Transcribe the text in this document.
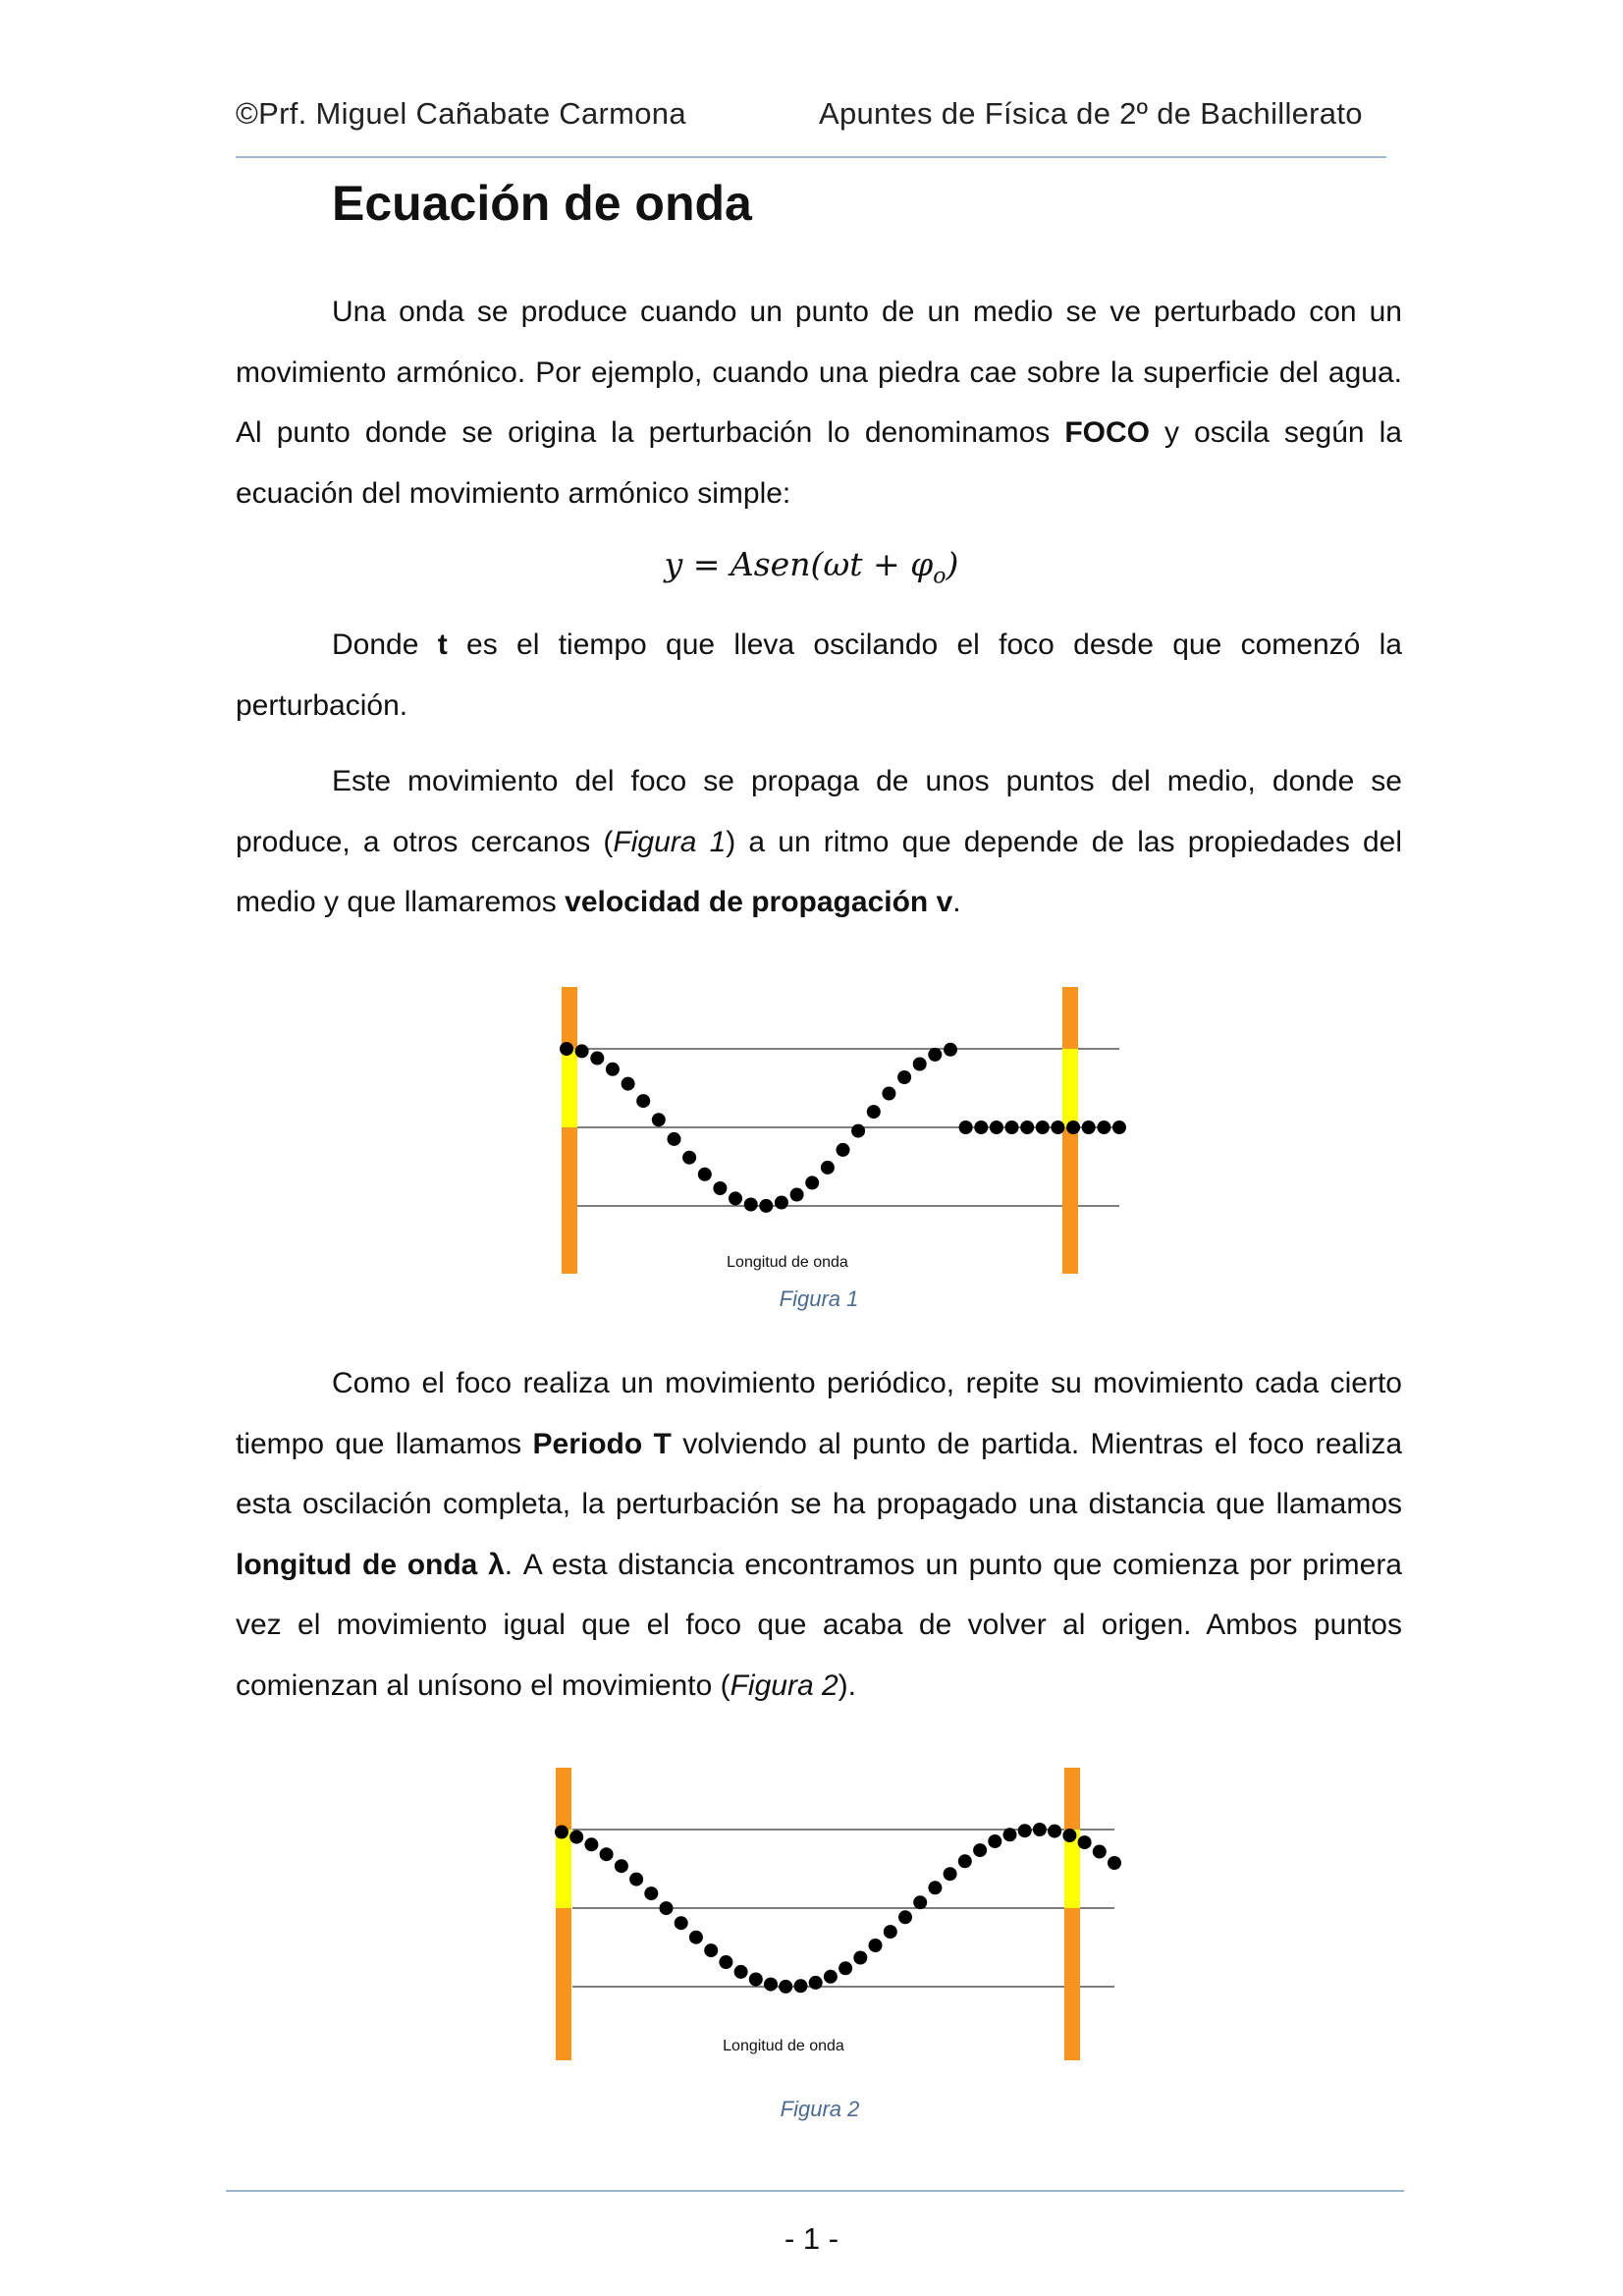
©Prf. Miguel Cañabate Carmona	Apuntes de Física de 2º de Bachillerato
Ecuación de onda

Una onda se produce cuando un punto de un medio se ve perturbado con un movimiento armónico. Por ejemplo, cuando una piedra cae sobre la superficie del agua. Al punto donde se origina la perturbación lo denominamos FOCO y oscila según la ecuación del movimiento armónico simple:

y = Asen(ωt + $\varphi_o$)

Donde t es el tiempo que lleva oscilando el foco desde que comenzó la perturbación.

Este movimiento del foco se propaga de unos puntos del medio, donde se produce, a otros cercanos (Figura 1) a un ritmo que depende de las propiedades del medio y que llamaremos velocidad de propagación v.

Longitud de onda
Figura 1

Como el foco realiza un movimiento periódico, repite su movimiento cada cierto tiempo que llamamos Periodo T volviendo al punto de partida. Mientras el foco realiza esta oscilación completa, la perturbación se ha propagado una distancia que llamamos longitud de onda λ. A esta distancia encontramos un punto que comienza por primera vez el movimiento igual que el foco que acaba de volver al origen. Ambos puntos comienzan al unísono el movimiento (Figura 2).

Longitud de onda
Figura 2
- 1 -
